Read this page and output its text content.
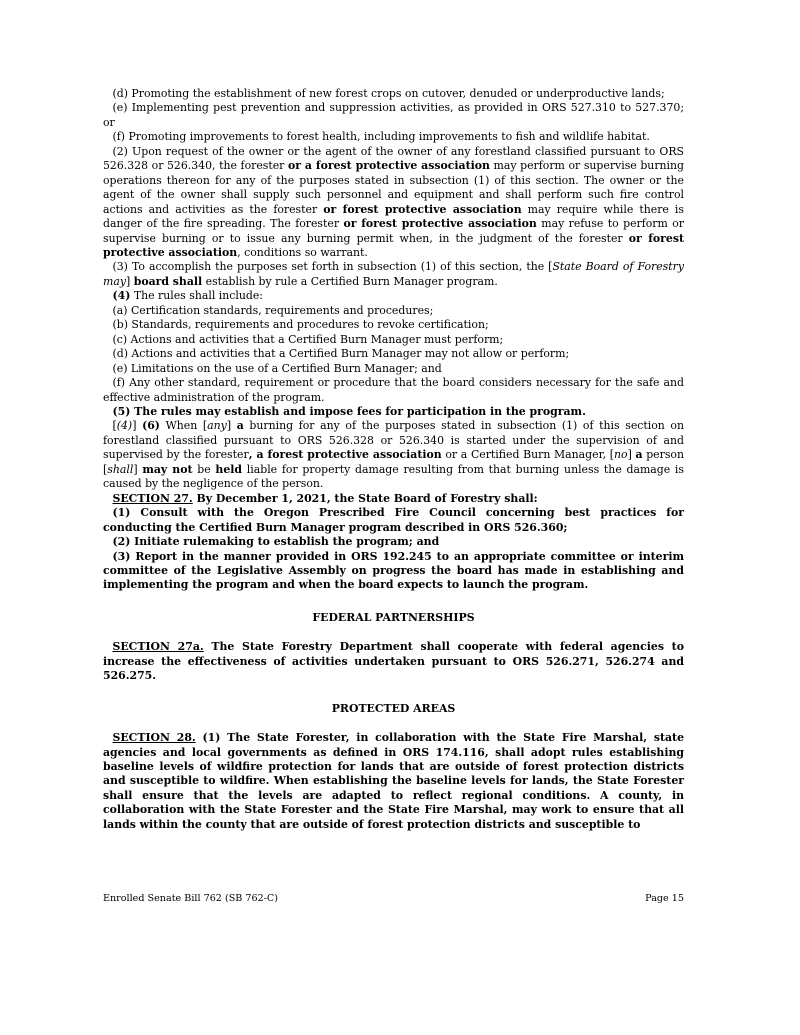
(d) Promoting the establishment of new forest crops on cutover, denuded or underproductive lands;

(e) Implementing pest prevention and suppression activities, as provided in ORS 527.310 to 527.370; or

(f) Promoting improvements to forest health, including improvements to fish and wildlife habitat.

(2) Upon request of the owner or the agent of the owner of any forestland classified pursuant to ORS 526.328 or 526.340, the forester or a forest protective association may perform or supervise burning operations thereon for any of the purposes stated in subsection (1) of this section. The owner or the agent of the owner shall supply such personnel and equipment and shall perform such fire control actions and activities as the forester or forest protective association may require while there is danger of the fire spreading. The forester or forest protective association may refuse to perform or supervise burning or to issue any burning permit when, in the judgment of the forester or forest protective association, conditions so warrant.

(3) To accomplish the purposes set forth in subsection (1) of this section, the [State Board of Forestry may] board shall establish by rule a Certified Burn Manager program.

(4) The rules shall include:

(a) Certification standards, requirements and procedures;

(b) Standards, requirements and procedures to revoke certification;

(c) Actions and activities that a Certified Burn Manager must perform;

(d) Actions and activities that a Certified Burn Manager may not allow or perform;

(e) Limitations on the use of a Certified Burn Manager; and

(f) Any other standard, requirement or procedure that the board considers necessary for the safe and effective administration of the program.

(5) The rules may establish and impose fees for participation in the program.

[(4)] (6) When [any] a burning for any of the purposes stated in subsection (1) of this section on forestland classified pursuant to ORS 526.328 or 526.340 is started under the supervision of and supervised by the forester, a forest protective association or a Certified Burn Manager, [no] a person [shall] may not be held liable for property damage resulting from that burning unless the damage is caused by the negligence of the person.

SECTION 27. By December 1, 2021, the State Board of Forestry shall:

(1) Consult with the Oregon Prescribed Fire Council concerning best practices for conducting the Certified Burn Manager program described in ORS 526.360;

(2) Initiate rulemaking to establish the program; and

(3) Report in the manner provided in ORS 192.245 to an appropriate committee or interim committee of the Legislative Assembly on progress the board has made in establishing and implementing the program and when the board expects to launch the program.

FEDERAL PARTNERSHIPS

SECTION 27a. The State Forestry Department shall cooperate with federal agencies to increase the effectiveness of activities undertaken pursuant to ORS 526.271, 526.274 and 526.275.

PROTECTED AREAS

SECTION 28. (1) The State Forester, in collaboration with the State Fire Marshal, state agencies and local governments as defined in ORS 174.116, shall adopt rules establishing baseline levels of wildfire protection for lands that are outside of forest protection districts and susceptible to wildfire. When establishing the baseline levels for lands, the State Forester shall ensure that the levels are adapted to reflect regional conditions. A county, in collaboration with the State Forester and the State Fire Marshal, may work to ensure that all lands within the county that are outside of forest protection districts and susceptible to

Enrolled Senate Bill 762 (SB 762-C)	Page 15
